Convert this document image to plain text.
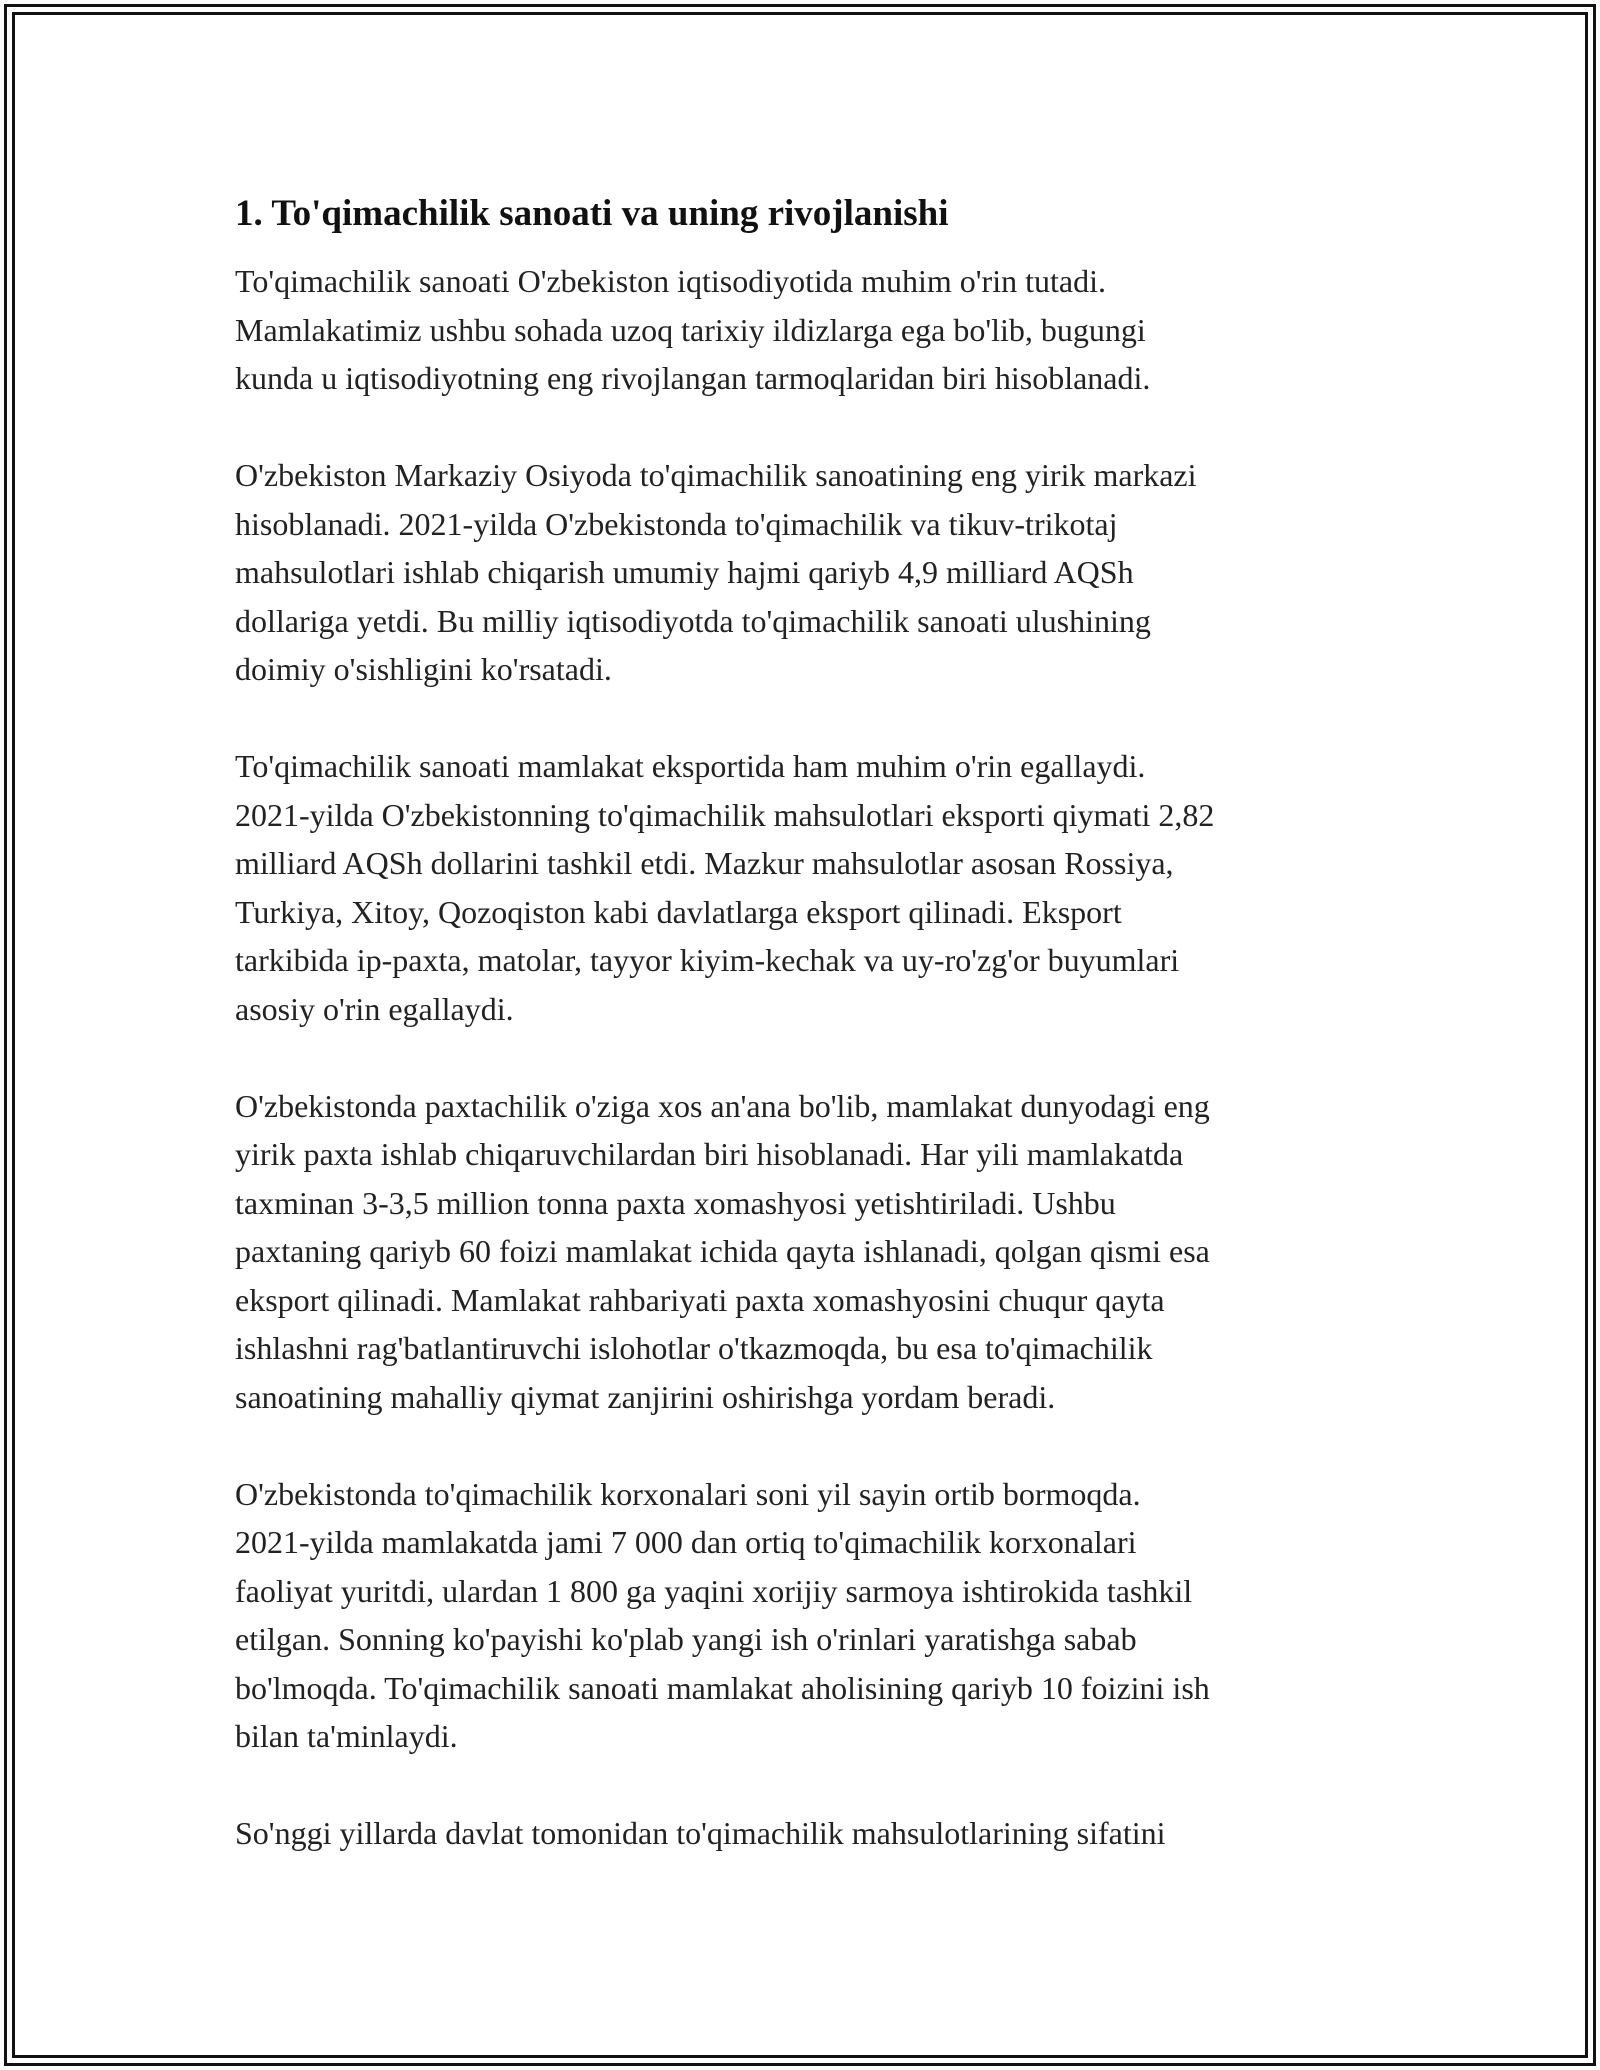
1. To'qimachilik sanoati va uning rivojlanishi
To'qimachilik sanoati O'zbekiston iqtisodiyotida muhim o'rin tutadi.
Mamlakatimiz ushbu sohada uzoq tarixiy ildizlarga ega bo'lib, bugungi
kunda u iqtisodiyotning eng rivojlangan tarmoqlaridan biri hisoblanadi.
O'zbekiston Markaziy Osiyoda to'qimachilik sanoatining eng yirik markazi
hisoblanadi. 2021-yilda O'zbekistonda to'qimachilik va tikuv-trikotaj
mahsulotlari ishlab chiqarish umumiy hajmi qariyb 4,9 milliard AQSh
dollariga yetdi. Bu milliy iqtisodiyotda to'qimachilik sanoati ulushining
doimiy o'sishligini ko'rsatadi.
To'qimachilik sanoati mamlakat eksportida ham muhim o'rin egallaydi.
2021-yilda O'zbekistonning to'qimachilik mahsulotlari eksporti qiymati 2,82
milliard AQSh dollarini tashkil etdi. Mazkur mahsulotlar asosan Rossiya,
Turkiya, Xitoy, Qozoqiston kabi davlatlarga eksport qilinadi. Eksport
tarkibida ip-paxta, matolar, tayyor kiyim-kechak va uy-ro'zg'or buyumlari
asosiy o'rin egallaydi.
O'zbekistonda paxtachilik o'ziga xos an'ana bo'lib, mamlakat dunyodagi eng
yirik paxta ishlab chiqaruvchilardan biri hisoblanadi. Har yili mamlakatda
taxminan 3-3,5 million tonna paxta xomashyosi yetishtiriladi. Ushbu
paxtaning qariyb 60 foizi mamlakat ichida qayta ishlanadi, qolgan qismi esa
eksport qilinadi. Mamlakat rahbariyati paxta xomashyosini chuqur qayta
ishlashni rag'batlantiruvchi islohotlar o'tkazmoqda, bu esa to'qimachilik
sanoatining mahalliy qiymat zanjirini oshirishga yordam beradi.
O'zbekistonda to'qimachilik korxonalari soni yil sayin ortib bormoqda.
2021-yilda mamlakatda jami 7 000 dan ortiq to'qimachilik korxonalari
faoliyat yuritdi, ulardan 1 800 ga yaqini xorijiy sarmoya ishtirokida tashkil
etilgan. Sonning ko'payishi ko'plab yangi ish o'rinlari yaratishga sabab
bo'lmoqda. To'qimachilik sanoati mamlakat aholisining qariyb 10 foizini ish
bilan ta'minlaydi.
So'nggi yillarda davlat tomonidan to'qimachilik mahsulotlarining sifatini
